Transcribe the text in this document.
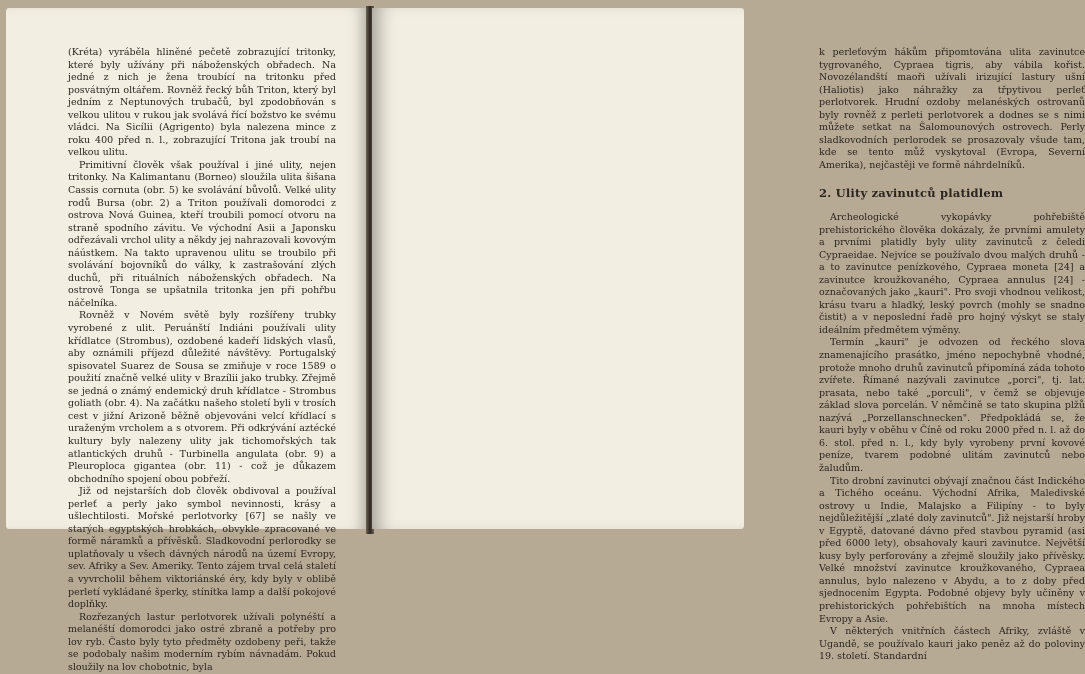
(Kréta) vyráběla hliněné pečetě zobrazující tritonky, které byly užívány při náboženských obřadech. Na jedné z nich je žena troubící na tritonku před posvátným oltářem. Rovněž řecký bůh Triton, který byl jedním z Neptunových trubačů, byl zpodobňován s velkou ulitou v rukou jak svolává řící božstvo ke svému vládci. Na Sicílii (Agrigento) byla nalezena mince z roku 400 před n. l., zobrazující Tritona jak troubí na velkou ulitu.

Primitivní člověk však používal i jiné ulity, nejen tritonky. Na Kalimantanu (Borneo) sloužila ulita šišana Cassis cornuta (obr. 5) ke svolávání bůvolů. Velké ulity rodů Bursa (obr. 2) a Triton používali domorodci z ostrova Nová Guinea, kteří troubili pomocí otvoru na straně spodního závitu. Ve východní Asii a Japonsku odřezávali vrchol ulity a někdy jej nahrazovali kovovým náústkem. Na takto upravenou ulitu se troubilo při svolávání bojovníků do války, k zastrašování zlých duchů, při rituálních náboženských obřadech. Na ostrově Tonga se upšatnila tritonka jen při pohřbu náčelníka.

Rovněž v Novém světě byly rozšířeny trubky vyrobené z ulit. Peruánští Indiáni používali ulity křídlatce (Strombus), ozdobené kadeří lidských vlasů, aby oznámili příjezd důležité návštěvy. Portugalský spisovatel Suarez de Sousa se zmiňuje v roce 1589 o použití značně velké ulity v Brazílii jako trubky. Zřejmě se jedná o známý endemický druh křídlatce - Strombus goliath (obr. 4). Na začátku našeho století byli v trosích cest v jižní Arizoně běžně objevováni velcí křídlací s uraženým vrcholem a s otvorem. Při odkrývání aztécké kultury byly nalezeny ulity jak tichomořských tak atlantických druhů - Turbinella angulata (obr. 9) a Pleuroploca gigantea (obr. 11) - což je důkazem obchodního spojení obou pobřeží.

Již od nejstarších dob člověk obdivoval a používal perleť a perly jako symbol nevinnosti, krásy a ušlechtilosti. Mořské perlotvorky [67] se našly ve starých egyptských hrobkách, obvykle zpracované ve formě náramků a přívěsků. Sladkovodní perlorodky se uplatňovaly u všech dávných národů na území Evropy, sev. Afriky a Sev. Ameriky. Tento zájem trval celá staletí a vyvrcholil během viktoriánské éry, kdy byly v oblibě perletí vykládané šperky, stínítka lamp a další pokojové doplňky.

Rozřezaných lastur perlotvorek užívali polynéští a melanéští domorodci jako ostré zbraně a potřeby pro lov ryb. Často byly tyto předměty ozdobeny peři, takže se podobaly našim moderním rybím návnadám. Pokud sloužily na lov chobotnic, byla

k perleťovým hákům připomtována ulita zavinutce tygrovaného, Cypraea tigris, aby vábila kořist. Novozélandští maoři užívali irizující lastury ušní (Haliotis) jako náhražky za třpytivou perleť perlotvorek. Hrudní ozdoby melanéských ostrovanů byly rovněž z perleti perlotvorek a dodnes se s nimi můžete setkat na Šalomounových ostrovech. Perly sladkovodních perlorodek se prosazovaly všude tam, kde se tento můž vyskytoval (Evropa, Severní Amerika), nejčastěji ve formě náhrdelníků.

2. Ulity zavinutců platidlem

Archeologické vykopávky pohřebiště prehistorického člověka dokázaly, že prvními amulety a prvními platidly byly ulity zavinutců z čeledi Cypraeidae. Nejvíce se používalo dvou malých druhů - a to zavinutce penízkového, Cypraea moneta [24] a zavinutce kroužkovaného, Cypraea annulus [24] - označovaných jako „kauri". Pro svoji vhodnou velikost, krásu tvaru a hladký, leský povrch (mohly se snadno čistit) a v neposlední řadě pro hojný výskyt se staly ideálním předmětem výměny.

Termín „kauri" je odvozen od řeckého slova znamenajícího prasátko, jméno nepochybně vhodné, protože mnoho druhů zavinutců připomíná záda tohoto zvířete. Římané nazývali zavinutce „porci", tj. lat. prasata, nebo také „porculi", v čemž se objevuje základ slova porcelán. V němčině se tato skupina plžů nazývá „Porzellanschnecken". Předpokládá se, že kauri byly v oběhu v Číně od roku 2000 před n. l. až do 6. stol. před n. l., kdy byly vyrobeny první kovové peníze, tvarem podobné ulitám zavinutců nebo žaludům.

Tito drobní zavinutci obývají značnou část Indického a Tichého oceánu. Východní Afrika, Maledivské ostrovy u Indie, Malajsko a Filipíny - to byly nejdůležitější „zlaté doly zavinutců". Již nejstarší hroby v Egyptě, datované dávno před stavbou pyramid (asi před 6000 lety), obsahovaly kauri zavinutce. Největší kusy byly perforovány a zřejmě sloužily jako přívěsky. Velké množství zavinutce kroužkovaného, Cypraea annulus, bylo nalezeno v Abydu, a to z doby před sjednocením Egypta. Podobné objevy byly učiněny v prehistorických pohřebištích na mnoha místech Evropy a Asie.

V některých vnitřních částech Afriky, zvláště v Ugandě, se používalo kauri jako peněz až do poloviny 19. století. Standardní
